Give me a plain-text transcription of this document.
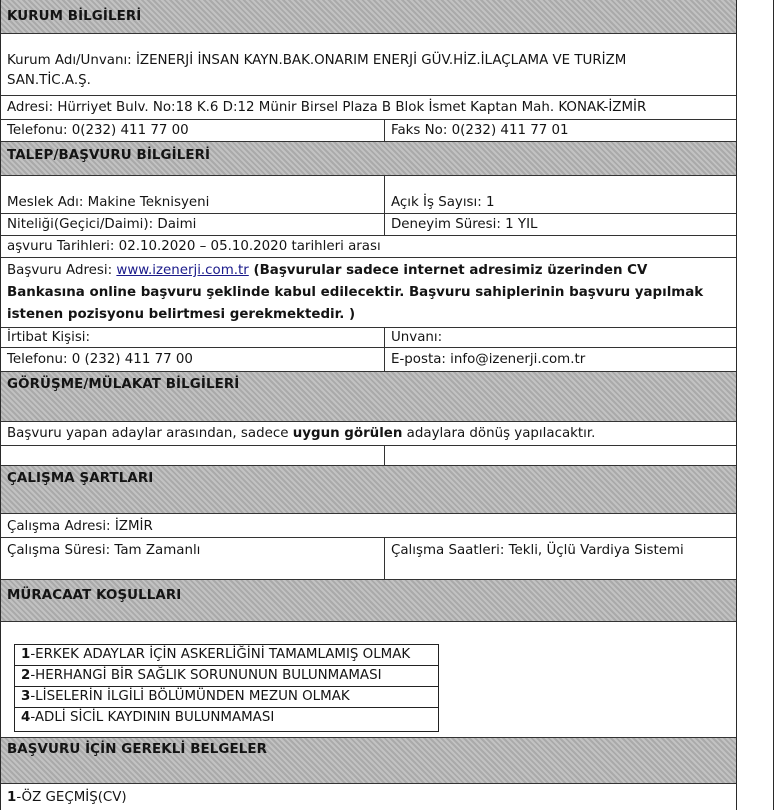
KURUM BİLGİLERİ
Kurum Adı/Unvanı: İZENERJİ İNSAN KAYN.BAK.ONARIM ENERJİ GÜV.HİZ.İLAÇLAMA VE TURİZM
SAN.TİC.A.Ş.
Adresi: Hürriyet Bulv. No:18 K.6 D:12 Münir Birsel Plaza B Blok İsmet Kaptan Mah. KONAK-İZMİR
Telefonu: 0(232) 411 77 00	Faks No: 0(232) 411 77 01
TALEP/BAŞVURU BİLGİLERİ
Meslek Adı: Makine Teknisyeni	Açık İş Sayısı: 1
Niteliği(Geçici/Daimi): Daimi	Deneyim Süresi: 1 YIL
aşvuru Tarihleri: 02.10.2020 – 05.10.2020 tarihleri arası
Başvuru Adresi: www.izenerji.com.tr (Başvurular sadece internet adresimiz üzerinden CV Bankasına online başvuru şeklinde kabul edilecektir. Başvuru sahiplerinin başvuru yapılmak istenen pozisyonu belirtmesi gerekmektedir. )
İrtibat Kişisi:	Unvanı:
Telefonu: 0 (232) 411 77 00	E-posta: info@izenerji.com.tr
GÖRÜŞME/MÜLAKAT BİLGİLERİ
Başvuru yapan adaylar arasından, sadece uygun görülen adaylara dönüş yapılacaktır.
ÇALIŞMA ŞARTLARI
Çalışma Adresi: İZMİR
Çalışma Süresi: Tam Zamanlı	Çalışma Saatleri: Tekli, Üçlü Vardiya Sistemi
MÜRACAAT KOŞULLARI
1-ERKEK ADAYLAR İÇİN ASKERLİĞİNİ TAMAMLAMIŞ OLMAK
2-HERHANGİ BİR SAĞLIK SORUNUNUN BULUNMAMASI
3-LİSELERİN İLGİLİ BÖLÜMÜNDEN MEZUN OLMAK
4-ADLİ SİCİL KAYDININ BULUNMAMASI
BAŞVURU İÇİN GEREKLİ BELGELER
1-ÖZ GEÇMİŞ(CV)
